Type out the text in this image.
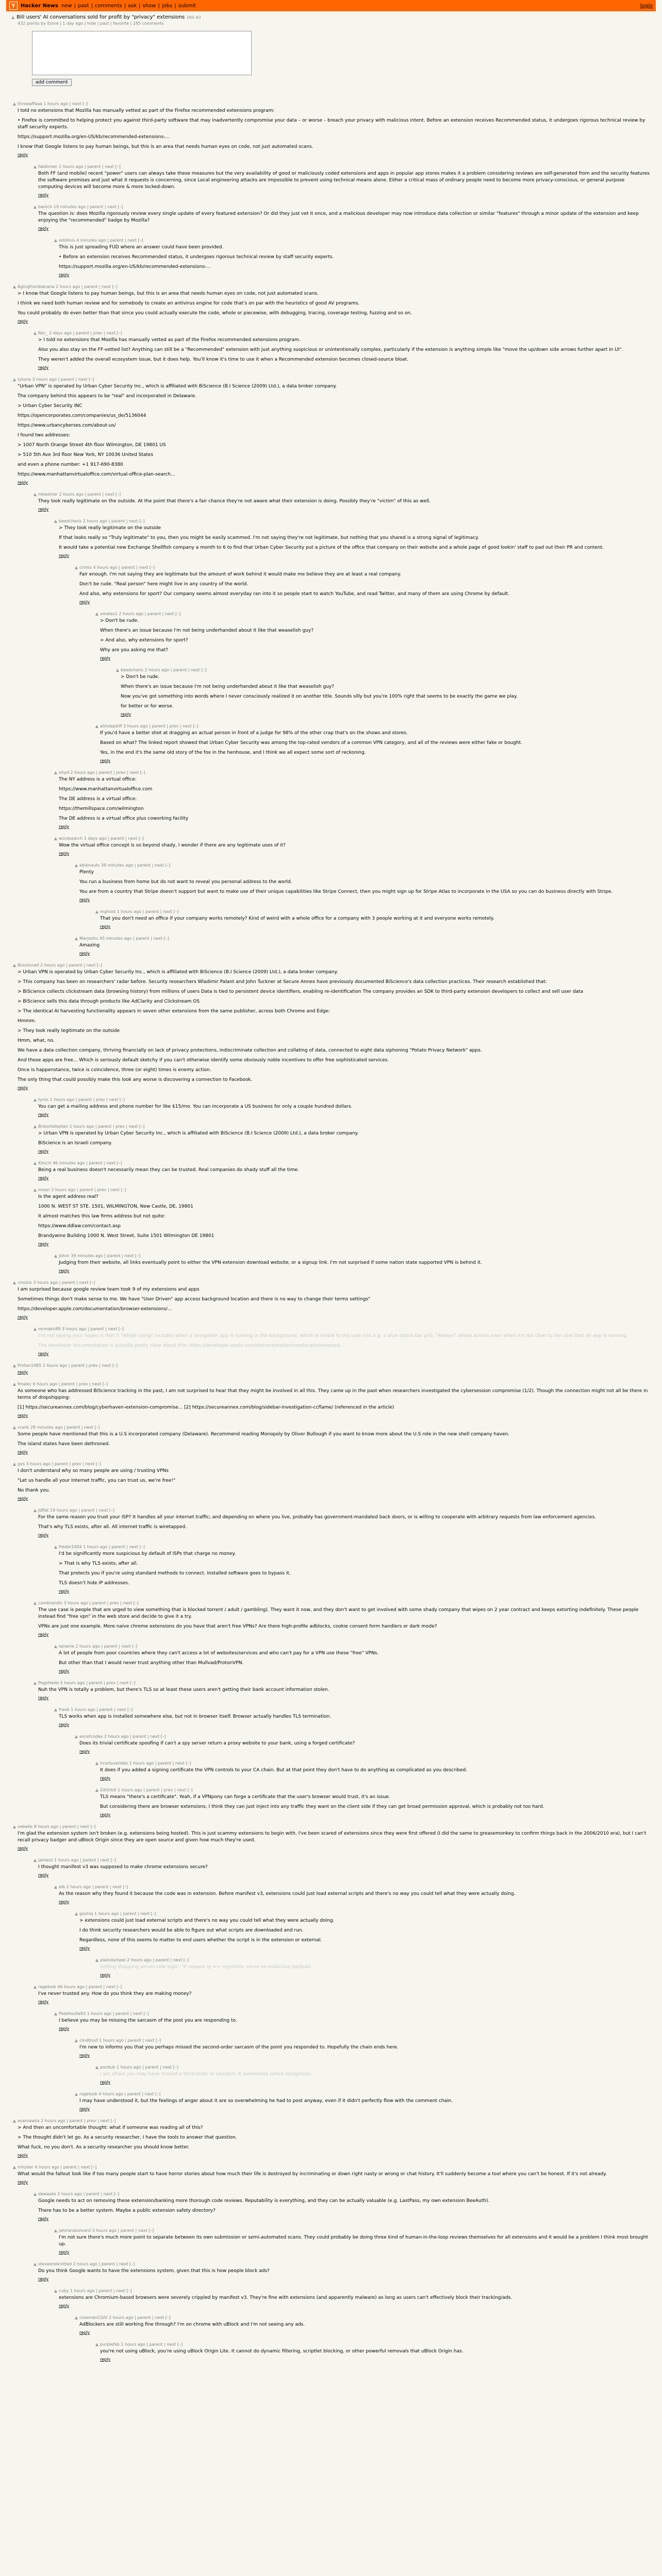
Y	Hacker News new | past | comments | ask | show | jobs | submit	login
▲ Bill users' AI conversations sold for profit by "privacy" extensions (koi.ai)
432 points by itsme | 1 day ago | hide | past | favorite | 185 comments

add comment
▲ throwaffaaa 1 hours ago | next [–]

I told no extensions that Mozilla has manually vetted as part of the Firefox recommended extensions program:

• Firefox is committed to helping protect you against third-party software that may inadvertently compromise your data – or worse – breach your privacy with malicious intent. Before an extension receives Recommended status, it undergoes rigorous technical review by staff security experts.

https://support.mozilla.org/en-US/kb/recommended-extensions-...

I know that Google listens to pay human beings, but this is an area that needs human eyes on code, not just automated scans.

reply
▲ fabikmen 1 hours ago | parent | next [–]

Both FF (and mobile) recent "power" users can always take these measures but the very availability of good or maliciously coded extensions and apps in popular app stores makes it a problem considering reviews are self-generated from and the security features the software promises and just what it requests is concerning, since Local engineering attacks are impossible to prevent using technical means alone. Either a critical mass of ordinary people need to become more privacy-conscious, or general purpose computing devices will become more & more locked-down.

reply
▲ bamch 19 minutes ago | parent | next [–]

The question is: does Mozilla rigorously review every single update of every featured extension? Or did they just vet it once, and a malicious developer may now introduce data collection or similar "features" through a minor update of the extension and keep enjoying the "recommended" badge by Mozilla?

reply
▲ eddimis 4 minutes ago | parent | next [–]

This is just spreading FUD where an answer could have been provided.

• Before an extension receives Recommended status, it undergoes rigorous technical review by staff security experts.

https://support.mozilla.org/en-US/kb/recommended-extensions-...

reply
▲ Agingfrombanana 2 hours ago | parent | next [–]

> I know that Google listens to pay human beings, but this is an area that needs human eyes on code, not just automated scans.

I think we need both human review and for somebody to create an antivirus engine for code that's on par with the heuristics of good AV programs.

You could probably do even better than that since you could actually execute the code, whole or piecewise, with debugging, tracing, coverage testing, fuzzing and so on.

reply
▲ Rec_ 2 days ago | parent | prev | next [–]

> I told no extensions that Mozilla has manually vetted as part of the Firefox recommended extensions program.

Also you also stay on the FF-vetted list? Anything can still be a "Recommended" extension with just anything suspicious or unintentionally complex, particularly if the extension is anything simple like "move the up/down side arrows further apart in UI".

They weren't added the overall ecosystem issue, but it does help. You'll know it's time to use it when a Recommended extension becomes closed-source bloat.

reply
▲ tytone 3 hours ago | parent | next [–]

"Urban VPN" is operated by Urban Cyber Security Inc., which is affiliated with BiScience (B.I Science (2009) Ltd.), a data broker company.

The company behind this appears to be "real" and incorporated in Delaware.

> Urban Cyber Security INC

https://opencorporates.com/companies/us_de/5136044

https://www.urbancyberses.com/about-us/

I found two addresses:

> 1007 North Orange Street 4th floor Wilmington, DE 19801 US

> 510 5th Ave 3rd floor New York, NY 10036 United States

and even a phone number: +1 917-690-8380

https://www.manhattanvirtualoffice.com/virtual-office-plan-search...

reply
▲ mkastner 2 hours ago | parent | next [–]

They look really legitimate on the outside. At the point that there's a fair chance they're not aware what their extension is doing. Possibly they're "victim" of this as well.

reply
▲ beedcheris 2 hours ago | parent | next [–]

> They look really legitimate on the outside

If that looks really so "Truly legitimate" to you, then you might be easily scammed. I'm not saying they're not legitimate, but nothing that you shared is a strong signal of legitimacy.

It would take a potential new Exchange Shellfish company a month to 6 to find that Urban Cyber Security put a picture of the office that company on their website and a whole page of good lookin' staff to pad out their PR and content.

reply
▲ crinks 4 hours ago | parent | next [–]

Fair enough. I'm not saying they are legitimate but the amount of work behind it would make me believe they are at least a real company.

Don't be rude. "Real person" here might live in any country of the world.

And also, why extensions for sport? Our company seems almost everyday ran into it so people start to watch YouTube, and read Twitter, and many of them are using Chrome by default.

reply
▲ omelas1 2 hours ago | parent | next [–]

> Don't be rude.

When there's an issue because I'm not being underhanded about it like that weaselish guy?

> And also, why extensions for sport?

Why are you asking me that?

reply
▲ beedcheris 2 hours ago | parent | next [–]

> Don't be rude.

When there's an issue because I'm not being underhanded about it like that weaselish guy?

Now you've got something into words where I never consciously realized it on another title. Sounds silly but you're 100% right that seems to be exactly the game we play.

for better or for worse.

reply
▲ ahhdepkiff 3 hours ago | parent | prev | next [–]

If you'd have a better shot at dragging an actual person in front of a judge for 98% of the other crap that's on the shows and stores.

Based on what? The linked report showed that Urban Cyber Security was among the top-rated vendors of a common VPN category, and all of the reviews were either fake or bought.

Yes, in the end it's the same old story of the fox in the henhouse, and I think we all expect some sort of reckoning.

reply
▲ ohyd 2 hours ago | parent | prev | next [–]

The NY address is a virtual office:

https://www.manhattanvirtualoffice.com

The DE address is a virtual office:

https://themillspace.com/wilmington

The DE address is a virtual office plus coworking facility

reply
▲ wordsearch 1 days ago | parent | next [–]

Wow the virtual office concept is so beyond shady, I wonder if there are any legitimate uses of it?

reply
▲ ebiknauts 38 minutes ago | parent | next [–]

Plenty

You run a business from home but do not want to reveal you personal address to the world.

You are from a country that Stripe doesn't support but want to make use of their unique capabilities like Stripe Connect, then you might sign up for Stripe Atlas to incorporate in the USA so you can do business directly with Stripe.

reply
▲ mghost 1 hours ago | parent | next [–]

That you don't need an office if your company works remotely? Kind of weird with a whole office for a company with 3 people working at it and everyone works remotely.

reply
▲ Marjoshu 45 minutes ago | parent | next [–]

Amazing

reply
▲ Broslinnell 2 hours ago | parent | next [–]

> Urban VPN is operated by Urban Cyber Security Inc., which is affiliated with BiScience (B.I Science (2009) Ltd.), a data broker company.

> This company has been on researchers' radar before. Security researchers Wladimir Palant and John Tuckner at Secure Annex have previously documented BiScience's data collection practices. Their research established that:

> BiScience collects clickstream data (browsing history) from millions of users Data is tied to persistent device identifiers, enabling re-identification The company provides an SDK to third-party extension developers to collect and sell user data

> BiScience sells this data through products like AdClarity and Clickstream OS

> The identical AI harvesting functionality appears in seven other extensions from the same publisher, across both Chrome and Edge:

Hmmm.

> They look really legitimate on the outside

Hmm, what, no.

We have a data collection company, thriving financially on lack of privacy protections, indiscriminate collection and collating of data, connected to eight data siphoning "Potato Privacy Network" apps.

And those apps are free... Which is seriously default sketchy if you can't otherwise identify some obviously noble incentives to offer free sophisticated services.

Once is happenstance, twice is coincidence, three (or eight) times is enemy action.

The only thing that could possibly make this look any worse is discovering a connection to Facebook.

reply
▲ tyros 1 hours ago | parent | prev | next [–]

You can get a mailing address and phone number for like $15/mo. You can incorporate a US business for only a couple hundred dollars.

reply
▲ Brdonfalkeiten 1 hours ago | parent | prev | next [–]

> Urban VPN is operated by Urban Cyber Security Inc., which is affiliated with BiScience (B.I Science (2009) Ltd.), a data broker company.

BiScience is an Israeli company.

reply
▲ Kilocrt 46 minutes ago | parent | next [–]

Being a real business doesn't necessarily mean they can be trusted. Real companies do shady stuff all the time.

reply
▲ moen 2 hours ago | parent | prev | next [–]

Is the agent address real?

1000 N. WEST ST STE. 1501, WILMINGTON, New Castle, DE, 19801

It almost matches this law firms address but not quite:

https://www.ddlaw.com/contact.asp

Brandywine Building 1000 N. West Street, Suite 1501 Wilmington DE 19801

reply
▲ Johnr 39 minutes ago | parent | next [–]

Judging from their website, all links eventually point to either the VPN extension download website, or a signup link. I'm not surprised if some nation state supported VPN is behind it.

reply
▲ crockis 3 hours ago | parent | next [–]

I am surprised because google review team took 9 of my extensions and apps

Sometimes things don't make sense to me. We have "User Driven" app access background location and there is no way to change their terms settings"

https://developer.apple.com/documentation/browser-extensions/...

reply
▲ mrmakn89 3 hours ago | parent | next [–]

I'm not saying your hopes is that if "Whole using" includes when a navigation app is running in the background, which is visible to the user (via e.g. a blue status bar pill). "Always" allows access even when it's not clear to the user that an app is running.

The developer documentation is actually pretty clear about this: https://developer.apple.com/documentation/corelocation/request...

reply
▲ Proton1985 1 hours ago | parent | prev | next [–]
reply
▲ fmalec 6 hours ago | parent | prev | next [–]

As someone who has addressed BiScience tracking in the past, I am not surprised to hear that they might be involved in all this. They came up in the past when researchers investigated the cybersession compromise (1/2). Though the connection might not all be there in terms of dropshipping:

[1] https://secureannex.com/blog/cyberhaven-extension-compromise... [2] https://secureannex.com/blog/sidebar-investigation-ccflame/ (referenced in the article)

reply
▲ crank 28 minutes ago | parent | next [–]

Some people have mentioned that this is a U.S incorporated company (Delaware). Recommend reading Monopoly by Oliver Bullough if you want to know more about the U.S role in the new shell company haven.

The island states have been dethroned.

reply
▲ gvs 3 hours ago | parent | prev | next [–]

I don't understand why so many people are using / trusting VPNs

"Let us handle all your Internet traffic, you can trust us, we're free!"

No thank you.

reply
▲ Jdflat 19 hours ago | parent | next [–]

For the same reason you trust your ISP? It handles all your internet traffic; and depending on where you live, probably has government-mandated back doors, or is willing to cooperate with arbitrary requests from law enforcement agencies.

That's why TLS exists, after all. All internet traffic is wiretapped.

reply
▲ fredor1004 1 hours ago | parent | next [–]

I'd be significantly more suspicious by default of ISPs that charge no money.

> That is why TLS exists, after all.

That protects you if you're using standard methods to connect. Installed software goes to bypass it.

TLS doesn't hide IP addresses.

reply
▲ cambrandis 3 hours ago | parent | prev | next [–]

The use case is people that are urged to view something that is blocked torrent / adult / gambling). They want it now, and they don't want to get involved with some shady company that wipes on 2 year contract and keeps extorting indefinitely. These people instead find "free vpn" in the web store and decide to give it a try.

VPNs are just one example. More naive chrome extensions do you have that aren't free VPNs? Are there high-profile adblocks, cookie consent form handlers or dark mode?

reply
▲ lainerie 2 hours ago | parent | next [–]

A lot of people from poor countries where they can't access a lot of websites/services and who can't pay for a VPN use these "free" VPNs.

But other than that I would never trust anything other than Mullvad/ProtonVPN.

reply
▲ PogoHedo 5 hours ago | parent | prev | next [–]

Nuh the VPN is totally a problem, but there's TLS so at least these users aren't getting their bank account information stolen.

reply
▲ frank 1 hours ago | parent | next [–]

TLS works when app is installed somewhere else, but not in browser itself. Browser actually handles TLS termination.

reply
▲ esnvtcodes 2 hours ago | parent | next [–]

Does its trivial certificate spoofing if can't a spy server return a proxy website to your bank, using a forged certificate?

reply
▲ hcorloverides 1 hours ago | parent | next [–]

It does if you added a signing certificate the VPN controls to your CA chain. But at that point they don't have to do anything as complicated as you described.

reply
▲ GitOrbit 1 hours ago | parent | prev | next [–]

TLS means "there's a certificate". Yeah, if a VPNpony can forge a certificate that the user's browser would trust, it's an issue.

But considering there are browser extensions, I think they can just inject into any traffic they want on the client side if they can get broad permission approval, which is probably not too hard.

reply
▲ oebelle 8 hours ago | parent | next [–]

I'm glad the extension system isn't broken (e.g. extensions being hosted). This is just scammy extensions to begin with. I've been scared of extensions since they were first offered (I did the same to greasemonkey to confirm things back in the 2006/2010 era), but I can't recall privacy badger and uBlock Origin since they are open source and given how much they're used.

reply
▲ jamesli 1 hours ago | parent | next [–]

I thought manifest v3 was supposed to make chrome extensions secure?

reply
▲ elb 2 hours ago | parent | next [–]

As the reason why they found it because the code was in extension. Before manifest v3, extensions could just load external scripts and there's no way you could tell what they were actually doing.

reply
▲ goshiq 1 hours ago | parent | next [–]

> extensions could just load external scripts and there's no way you could tell what they were actually doing.

I do think security researchers would be able to figure out what scripts are downloaded and run.

Regardless, none of this seems to matter to end users whether the script is in the extension or external.

reply
▲ plaindumpel 2 hours ago | parent | next [–]

setting shopping server-side logic: "if request ip == myvictim, serve no-malicious payload.

reply
▲ ragelook 46 hours ago | parent | next [–]

I've never trusted any. How do you think they are making money?

reply
▲ PoleHoulle93 1 hours ago | parent | next [–]

I believe you may be missing the sarcasm of the post you are responding to.

reply
▲ cmdtrost 1 hours ago | parent | next [–]

I'm new to informs you that you perhaps missed the second-order sarcasm of the point you responded to. Hopefully the chain ends here.

reply
▲ pocbub 1 hours ago | parent | next [–]

I am afraid you may have missed a third-order of sarcasm. It sometimes called recognition.

reply
▲ ragelook 4 hours ago | parent | next [–]

I may have understood it, but the feelings of anger about it are so overwhelming he had to post anyway, even if it didn't perfectly flow with the comment chain.

reply
▲ asamawka 2 hours ago | parent | prev | next [–]

> And then an uncomfortable thought: what if someone was reading all of this?

> The thought didn't let go. As a security researcher, I have the tools to answer that question.

What fuck, no you don't. As a security researcher you should know better.

reply
▲ mhyber 4 hours ago | parent | next [–]

What would the fallout look like if too many people start to have horror stories about how much their life is destroyed by incriminating or down right nasty or wrong or chat history. It'll suddenly become a tool where you can't be honest. If it's not already.

reply
▲ dewasko 2 hours ago | parent | next [–]

Google needs to act on removing these extension/banking more thorough code reviews. Reputability is everything, and they can be actually valuable (e.g. LastPass, my own extension BeeAuth).

There has to be a better system. Maybe a public extension safety directory?

reply
▲ jahirandsolvard 3 hours ago | parent | next [–]

I'm not sure there's much more point to separate between its own submission or semi-automated scans. They could probably be doing three kind of human-in-the-loop reviews themselves for all extensions and it would be a problem I think most brought up.

reply
▲ steveoneknitted 2 hours ago | parent | next [–]

Do you think Google wants to have the extensions system, given that this is how people block ads?

reply
▲ cuby 1 hours ago | parent | next [–]

extensions are Chromium-based browsers were severely crippled by manifest v3. They're fine with extensions (and apparently malware) as long as users can't effectively block their tracking/ads.

reply
▲ rosemanCGIV 2 hours ago | parent | next [–]

AdBlockers are still working fine through? I'm on chrome with uBlock and I'm not seeing any ads.

reply
▲ purplefsb 1 hours ago | parent | next [–]

you're not using uBlock, you're using uBlock Origin Lite. It cannot do dynamic filtering, scriptlet blocking, or other powerful removals that uBlock Origin has.

reply
